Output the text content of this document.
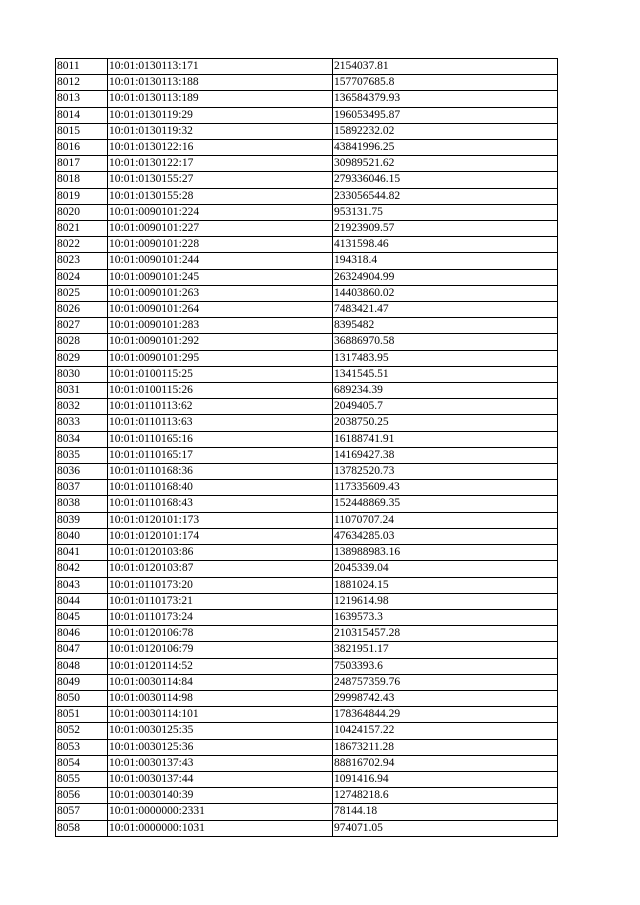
8011	10:01:0130113:171	2154037.81
8012	10:01:0130113:188	157707685.8
8013	10:01:0130113:189	136584379.93
8014	10:01:0130119:29	196053495.87
8015	10:01:0130119:32	15892232.02
8016	10:01:0130122:16	43841996.25
8017	10:01:0130122:17	30989521.62
8018	10:01:0130155:27	279336046.15
8019	10:01:0130155:28	233056544.82
8020	10:01:0090101:224	953131.75
8021	10:01:0090101:227	21923909.57
8022	10:01:0090101:228	4131598.46
8023	10:01:0090101:244	194318.4
8024	10:01:0090101:245	26324904.99
8025	10:01:0090101:263	14403860.02
8026	10:01:0090101:264	7483421.47
8027	10:01:0090101:283	8395482
8028	10:01:0090101:292	36886970.58
8029	10:01:0090101:295	1317483.95
8030	10:01:0100115:25	1341545.51
8031	10:01:0100115:26	689234.39
8032	10:01:0110113:62	2049405.7
8033	10:01:0110113:63	2038750.25
8034	10:01:0110165:16	16188741.91
8035	10:01:0110165:17	14169427.38
8036	10:01:0110168:36	13782520.73
8037	10:01:0110168:40	117335609.43
8038	10:01:0110168:43	152448869.35
8039	10:01:0120101:173	11070707.24
8040	10:01:0120101:174	47634285.03
8041	10:01:0120103:86	138988983.16
8042	10:01:0120103:87	2045339.04
8043	10:01:0110173:20	1881024.15
8044	10:01:0110173:21	1219614.98
8045	10:01:0110173:24	1639573.3
8046	10:01:0120106:78	210315457.28
8047	10:01:0120106:79	3821951.17
8048	10:01:0120114:52	7503393.6
8049	10:01:0030114:84	248757359.76
8050	10:01:0030114:98	29998742.43
8051	10:01:0030114:101	178364844.29
8052	10:01:0030125:35	10424157.22
8053	10:01:0030125:36	18673211.28
8054	10:01:0030137:43	88816702.94
8055	10:01:0030137:44	1091416.94
8056	10:01:0030140:39	12748218.6
8057	10:01:0000000:2331	78144.18
8058	10:01:0000000:1031	974071.05
